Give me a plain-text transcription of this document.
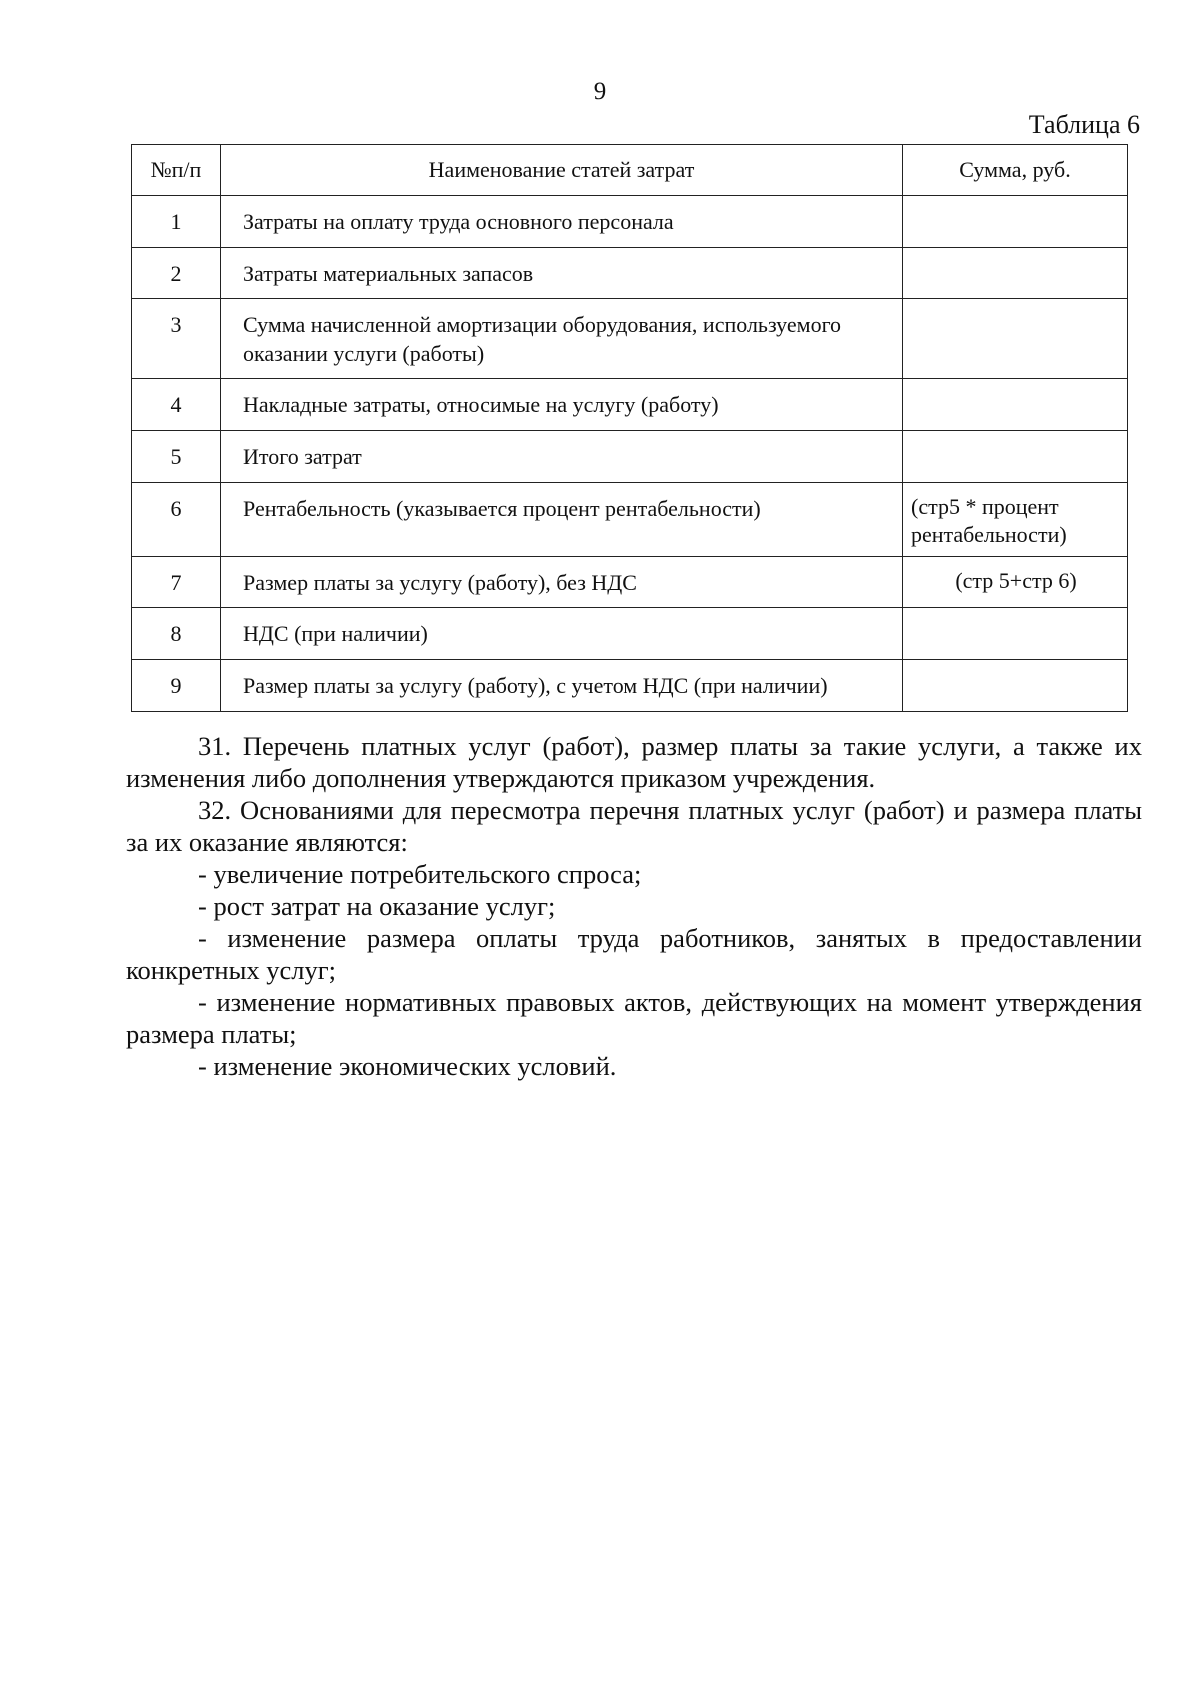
9
Таблица 6
№п/п	Наименование статей затрат	Сумма, руб.
1	Затраты на оплату труда основного персонала	
2	Затраты материальных запасов	
3	Сумма начисленной амортизации оборудования, используемого оказании услуги (работы)	
4	Накладные затраты, относимые на услугу (работу)	
5	Итого затрат	
6	Рентабельность (указывается процент рентабельности)	(стр5 * процент рентабельности)
7	Размер платы за услугу (работу), без НДС	(стр 5+стр 6)
8	НДС (при наличии)	
9	Размер платы за услугу (работу), с учетом НДС (при наличии)	

31. Перечень платных услуг (работ), размер платы за такие услуги, а также их изменения либо дополнения утверждаются приказом учреждения.

32. Основаниями для пересмотра перечня платных услуг (работ) и размера платы за их оказание являются:

- увеличение потребительского спроса;

- рост затрат на оказание услуг;

- изменение размера оплаты труда работников, занятых в предоставлении конкретных услуг;

- изменение нормативных правовых актов, действующих на момент утверждения размера платы;

- изменение экономических условий.
